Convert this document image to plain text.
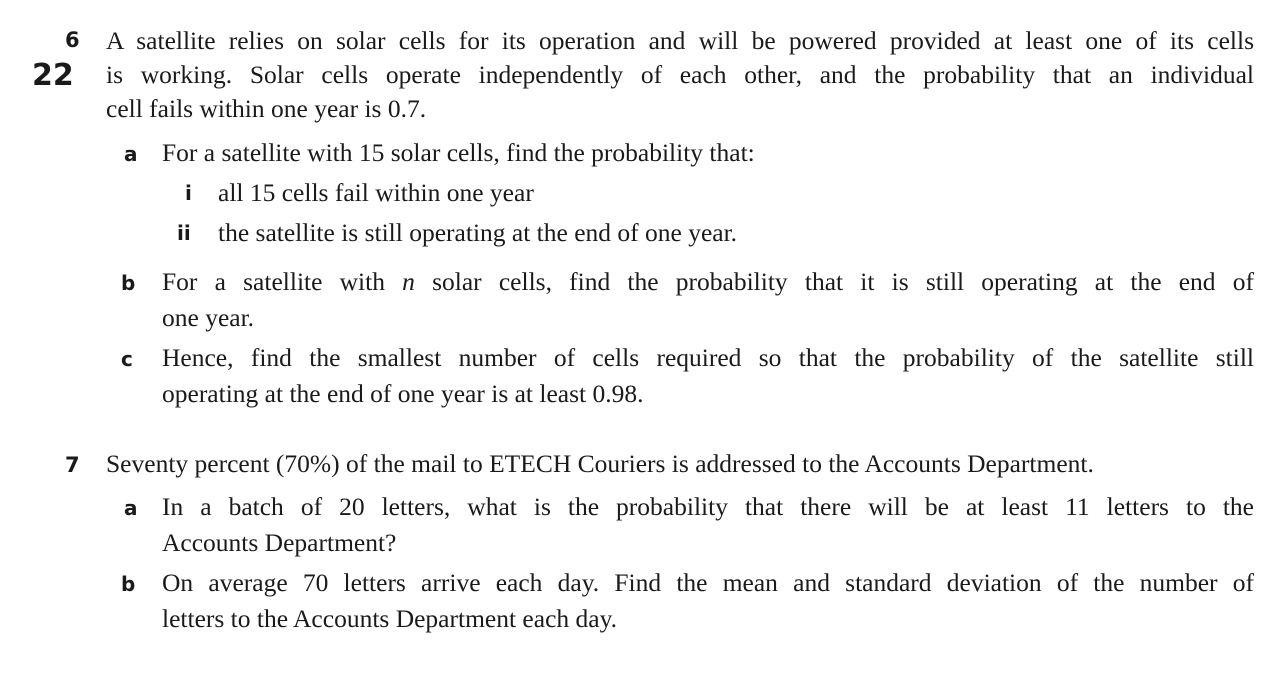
6
22
A satellite relies on solar cells for its operation and will be powered provided at least one of its cells
is working. Solar cells operate independently of each other, and the probability that an individual
cell fails within one year is 0.7.
a For a satellite with 15 solar cells, find the probability that:
i all 15 cells fail within one year
ii the satellite is still operating at the end of one year.
b For a satellite with n solar cells, find the probability that it is still operating at the end of
one year.
c Hence, find the smallest number of cells required so that the probability of the satellite still
operating at the end of one year is at least 0.98.
7 Seventy percent (70%) of the mail to ETECH Couriers is addressed to the Accounts Department.
a In a batch of 20 letters, what is the probability that there will be at least 11 letters to the
Accounts Department?
b On average 70 letters arrive each day. Find the mean and standard deviation of the number of
letters to the Accounts Department each day.
